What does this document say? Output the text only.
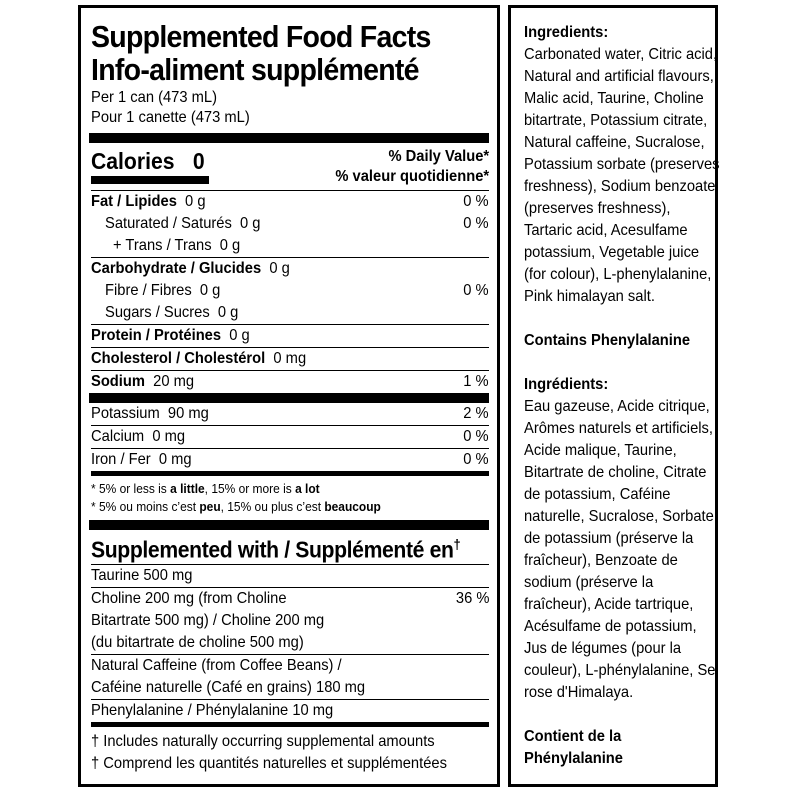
Supplemented Food Facts
Info-aliment supplémenté
Per 1 can (473 mL)
Pour 1 canette (473 mL)
Calories 0	% Daily Value*
% valeur quotidienne*
Fat / Lipides 0 g	0 %
Saturated / Saturés 0 g	0 %
+ Trans / Trans 0 g
Carbohydrate / Glucides 0 g
Fibre / Fibres 0 g	0 %
Sugars / Sucres 0 g
Protein / Protéines 0 g
Cholesterol / Cholestérol 0 mg
Sodium 20 mg	1 %
Potassium 90 mg	2 %
Calcium 0 mg	0 %
Iron / Fer 0 mg	0 %
* 5% or less is a little, 15% or more is a lot
* 5% ou moins c’est peu, 15% ou plus c’est beaucoup
Supplemented with / Supplémenté en†
Taurine 500 mg
Choline 200 mg (from Choline	36 %
Bitartrate 500 mg) / Choline 200 mg
(du bitartrate de choline 500 mg)
Natural Caffeine (from Coffee Beans) /
Caféine naturelle (Café en grains) 180 mg
Phenylalanine / Phénylalanine 10 mg
† Includes naturally occurring supplemental amounts
† Comprend les quantités naturelles et supplémentées
Ingredients:
Carbonated water, Citric acid,
Natural and artificial flavours,
Malic acid, Taurine, Choline
bitartrate, Potassium citrate,
Natural caffeine, Sucralose,
Potassium sorbate (preserves
freshness), Sodium benzoate
(preserves freshness),
Tartaric acid, Acesulfame
potassium, Vegetable juice
(for colour), L-phenylalanine,
Pink himalayan salt.
Contains Phenylalanine
Ingrédients:
Eau gazeuse, Acide citrique,
Arômes naturels et artificiels,
Acide malique, Taurine,
Bitartrate de choline, Citrate
de potassium, Caféine
naturelle, Sucralose, Sorbate
de potassium (préserve la
fraîcheur), Benzoate de
sodium (préserve la
fraîcheur), Acide tartrique,
Acésulfame de potassium,
Jus de légumes (pour la
couleur), L-phénylalanine, Sel
rose d'Himalaya.
Contient de la
Phénylalanine
